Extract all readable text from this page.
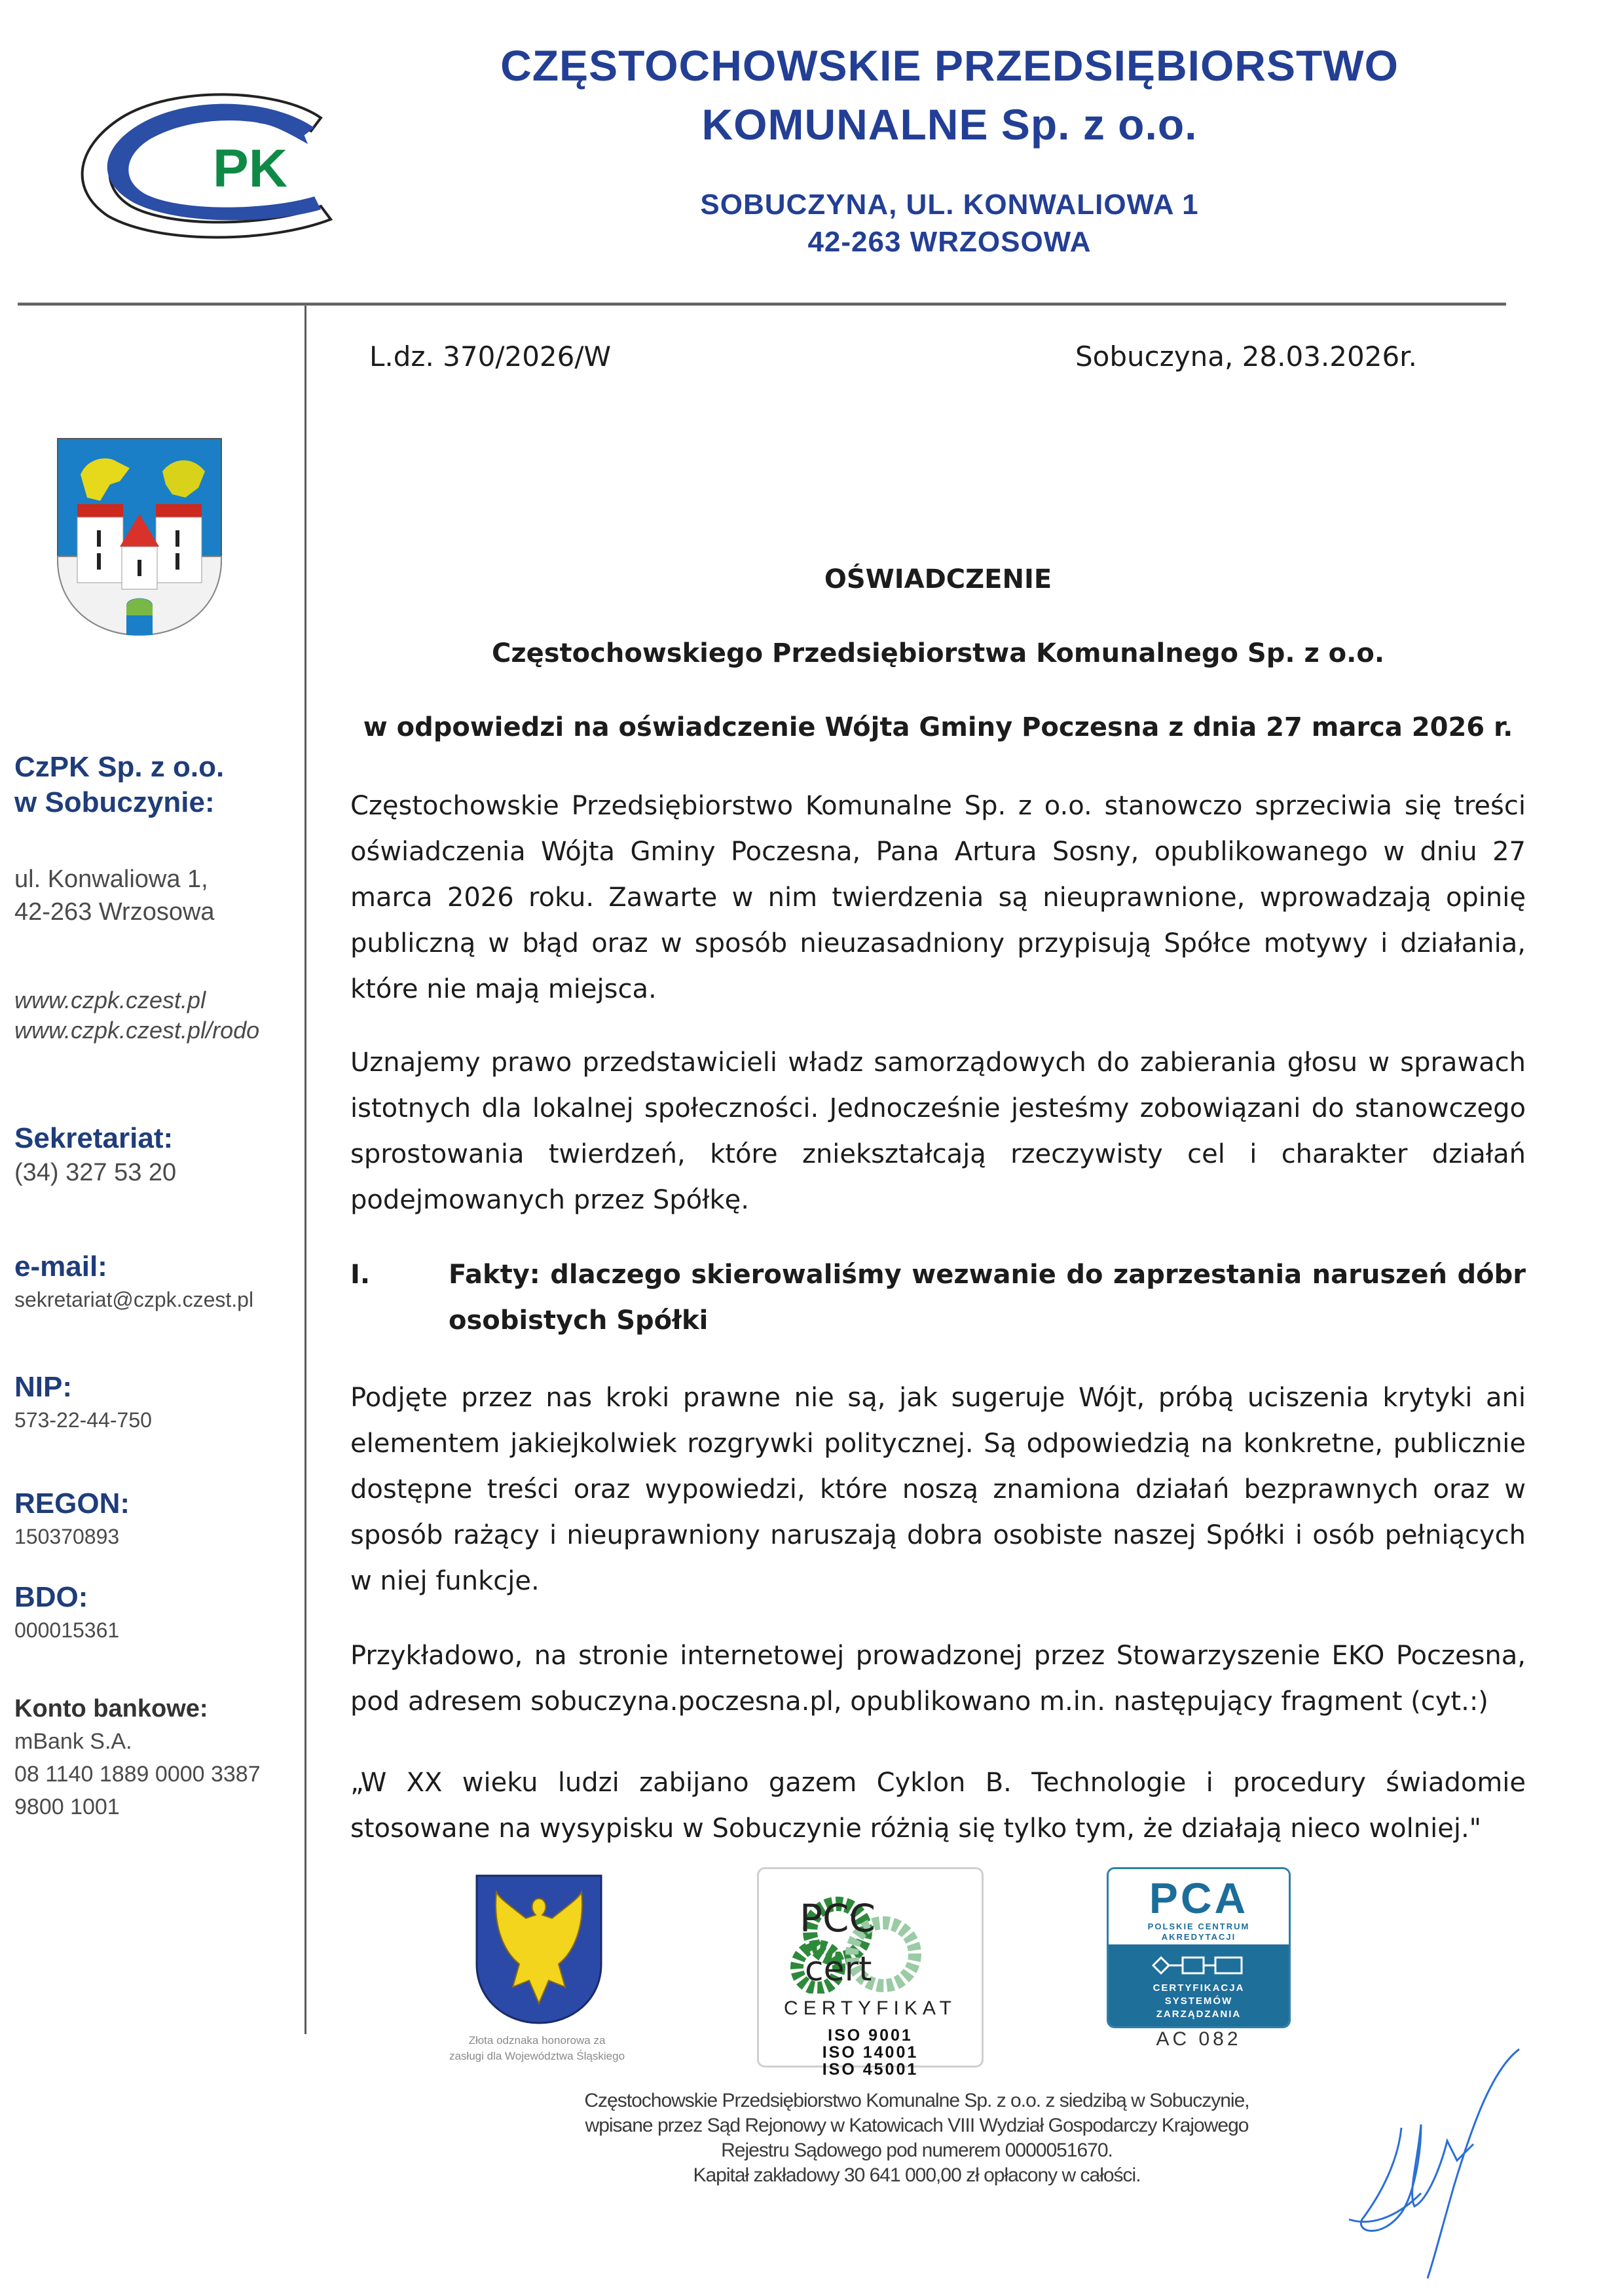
PK
CZĘSTOCHOWSKIE PRZEDSIĘBIORSTWO
KOMUNALNE Sp. z o.o.
SOBUCZYNA, UL. KONWALIOWA 1
42-263 WRZOSOWA
CzPK Sp. z o.o.
w Sobuczynie:
ul. Konwaliowa 1,
42-263 Wrzosowa
www.czpk.czest.pl
www.czpk.czest.pl/rodo
Sekretariat:
(34) 327 53 20
e-mail:
sekretariat@czpk.czest.pl
NIP:
573-22-44-750
REGON:
150370893
BDO:
000015361
Konto bankowe:
mBank S.A.
08 1140 1889 0000 3387
9800 1001
L.dz. 370/2026/W	Sobuczyna, 28.03.2026r.
OŚWIADCZENIE
Częstochowskiego Przedsiębiorstwa Komunalnego Sp. z o.o.
w odpowiedzi na oświadczenie Wójta Gminy Poczesna z dnia 27 marca 2026 r.
Częstochowskie Przedsiębiorstwo Komunalne Sp. z o.o. stanowczo sprzeciwia się treści oświadczenia Wójta Gminy Poczesna, Pana Artura Sosny, opublikowanego w dniu 27 marca 2026 roku. Zawarte w nim twierdzenia są nieuprawnione, wprowadzają opinię publiczną w błąd oraz w sposób nieuzasadniony przypisują Spółce motywy i działania, które nie mają miejsca.
Uznajemy prawo przedstawicieli władz samorządowych do zabierania głosu w sprawach istotnych dla lokalnej społeczności. Jednocześnie jesteśmy zobowiązani do stanowczego sprostowania twierdzeń, które zniekształcają rzeczywisty cel i charakter działań podejmowanych przez Spółkę.
I.	Fakty: dlaczego skierowaliśmy wezwanie do zaprzestania naruszeń dóbr osobistych Spółki
Podjęte przez nas kroki prawne nie są, jak sugeruje Wójt, próbą uciszenia krytyki ani elementem jakiejkolwiek rozgrywki politycznej. Są odpowiedzią na konkretne, publicznie dostępne treści oraz wypowiedzi, które noszą znamiona działań bezprawnych oraz w sposób rażący i nieuprawniony naruszają dobra osobiste naszej Spółki i osób pełniących w niej funkcje.
Przykładowo, na stronie internetowej prowadzonej przez Stowarzyszenie EKO Poczesna, pod adresem sobuczyna.poczesna.pl, opublikowano m.in. następujący fragment (cyt.:)
„W XX wieku ludzi zabijano gazem Cyklon B. Technologie i procedury świadomie stosowane na wysypisku w Sobuczynie różnią się tylko tym, że działają nieco wolniej."
Złota odznaka honorowa za
zasługi dla Województwa Śląskiego
PCC
cert
CERTYFIKAT
ISO 9001
ISO 14001
ISO 45001
PCA
POLSKIE CENTRUM
AKREDYTACJI
CERTYFIKACJA
SYSTEMÓW
ZARZĄDZANIA
AC 082
Częstochowskie Przedsiębiorstwo Komunalne Sp. z o.o. z siedzibą w Sobuczynie,
wpisane przez Sąd Rejonowy w Katowicach VIII Wydział Gospodarczy Krajowego
Rejestru Sądowego pod numerem 0000051670.
Kapitał zakładowy 30 641 000,00 zł opłacony w całości.
